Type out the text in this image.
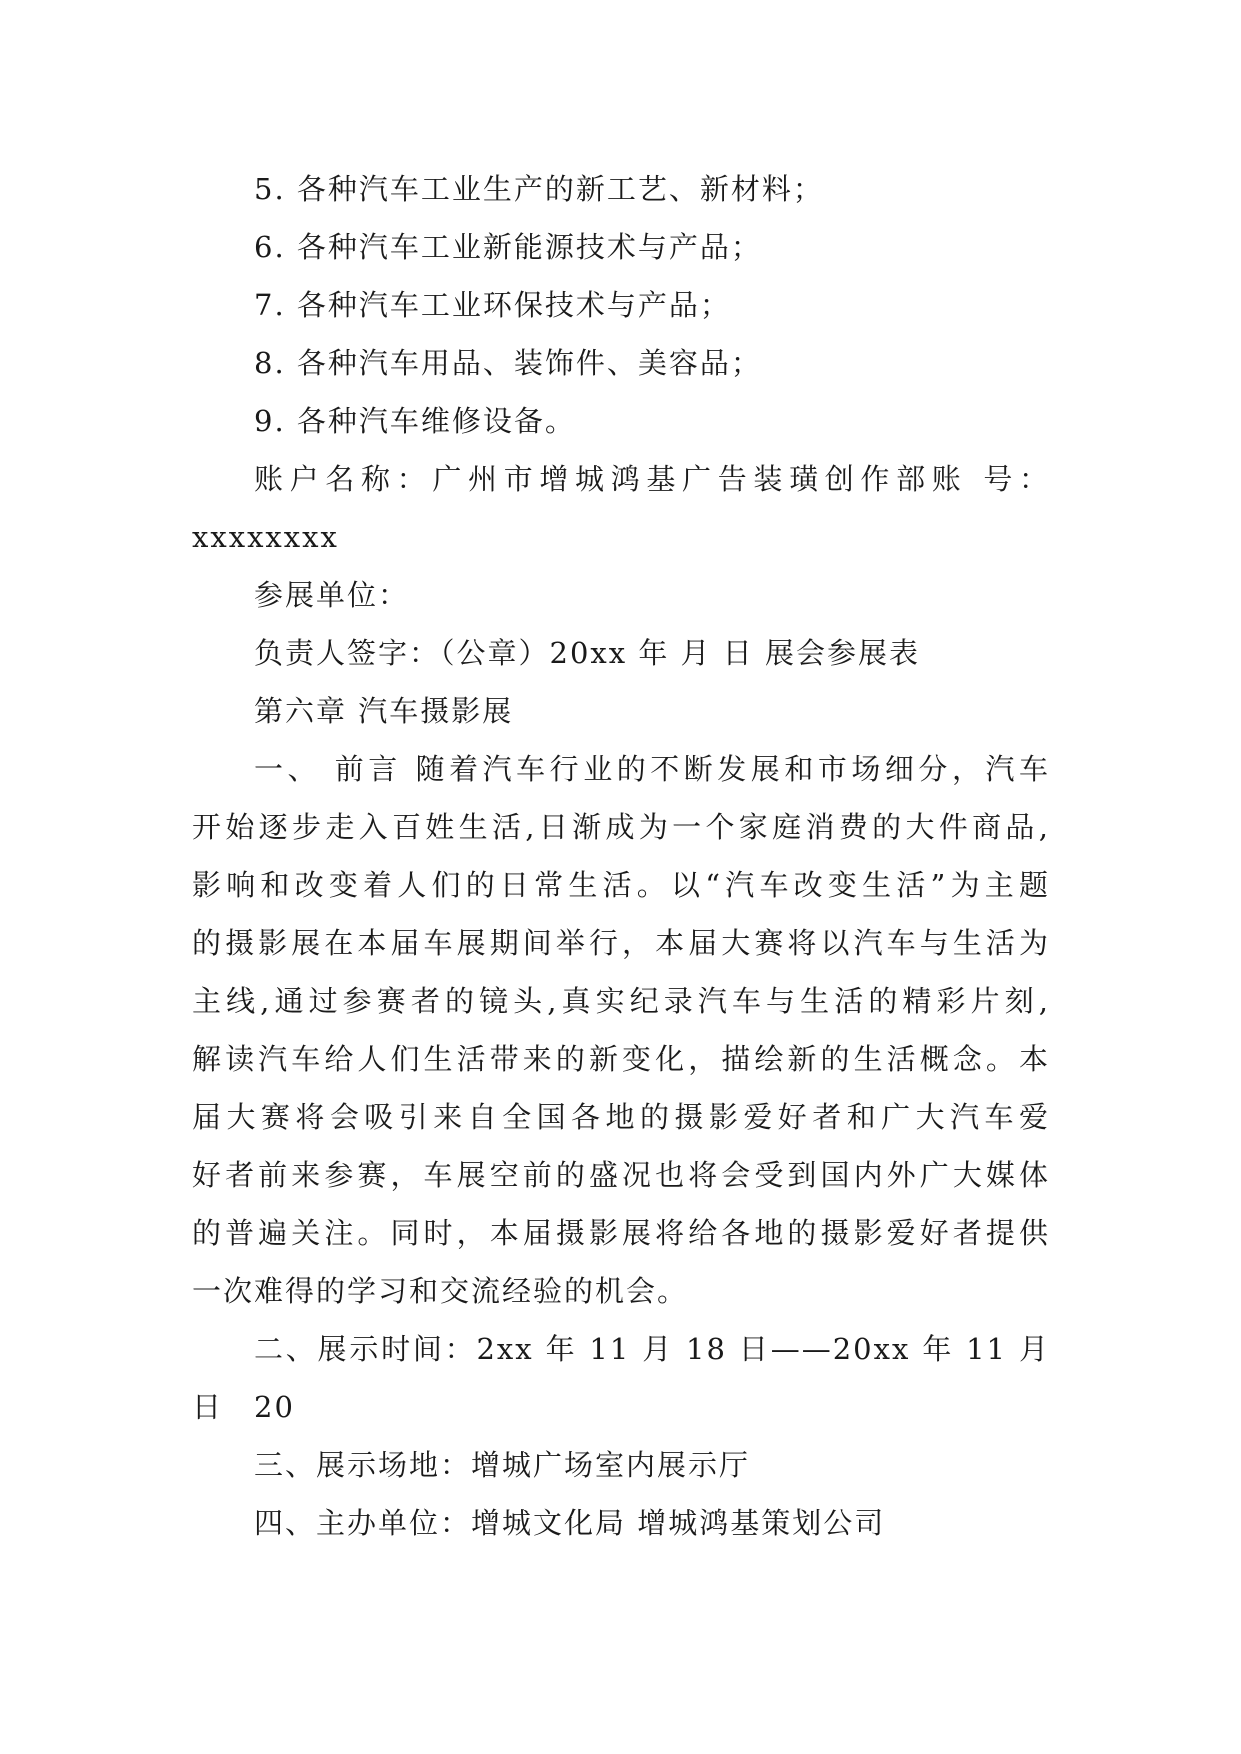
5. 各种汽车工业生产的新工艺、新材料；
6. 各种汽车工业新能源技术与产品；
7. 各种汽车工业环保技术与产品；
8. 各种汽车用品、装饰件、美容品；
9. 各种汽车维修设备。
账户名称：广州市增城鸿基广告装璜创作部账 号：
xxxxxxxx
参展单位：
负责人签字：（公章）20xx 年 月 日 展会参展表
第六章 汽车摄影展
一、 前言 随着汽车行业的不断发展和市场细分，汽车
开始逐步走入百姓生活,日渐成为一个家庭消费的大件商品,
影响和改变着人们的日常生活。以“汽车改变生活”为主题
的摄影展在本届车展期间举行，本届大赛将以汽车与生活为
主线,通过参赛者的镜头,真实纪录汽车与生活的精彩片刻,
解读汽车给人们生活带来的新变化，描绘新的生活概念。本
届大赛将会吸引来自全国各地的摄影爱好者和广大汽车爱
好者前来参赛，车展空前的盛况也将会受到国内外广大媒体
的普遍关注。同时，本届摄影展将给各地的摄影爱好者提供
一次难得的学习和交流经验的机会。
二、展示时间：2xx 年 11 月 18 日——20xx 年 11 月 20
日
三、展示场地：增城广场室内展示厅
四、主办单位：增城文化局 增城鸿基策划公司
